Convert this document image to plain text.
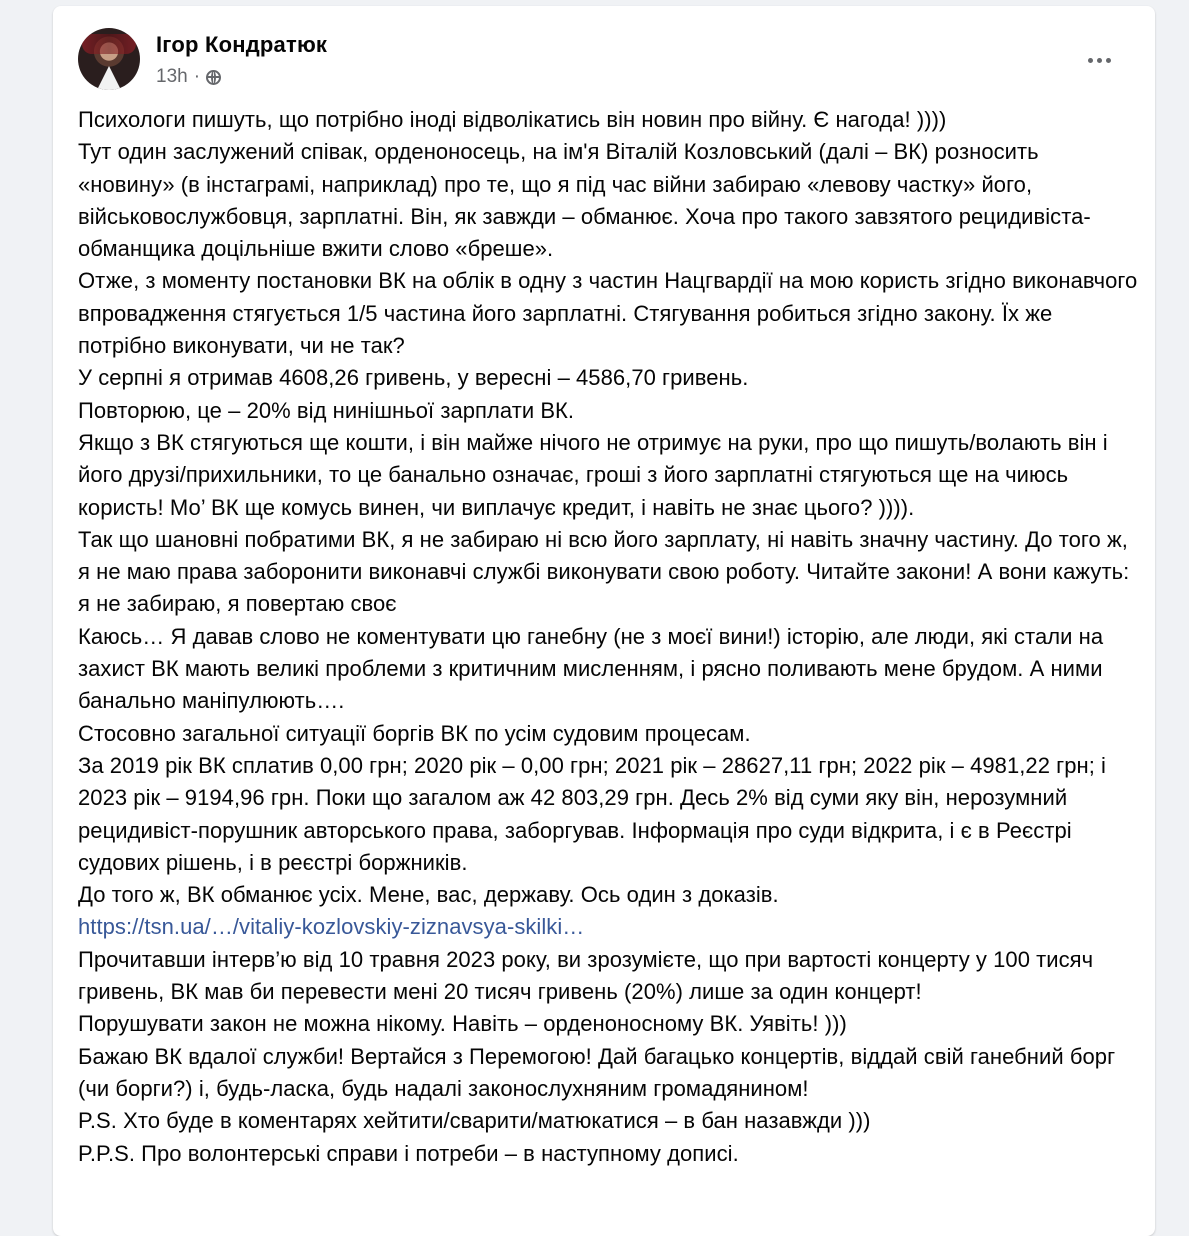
Ігор Кондратюк
13h ·

Психологи пишуть, що потрібно іноді відволікатись він новин про війну. Є нагода! ))))

Тут один заслужений співак, орденоносець, на ім'я Віталій Козловський (далі – ВК) розносить «новину» (в інстаграмі, наприклад) про те, що я під час війни забираю «левову частку» його, військовослужбовця, зарплатні. Він, як завжди – обманює. Хоча про такого завзятого рецидивіста-обманщика доцільніше вжити слово «бреше».

Отже, з моменту постановки ВК на облік в одну з частин Нацгвардії на мою користь згідно виконавчого впровадження стягується 1/5 частина його зарплатні. Стягування робиться згідно закону. Їх же потрібно виконувати, чи не так?

У серпні я отримав 4608,26 гривень, у вересні – 4586,70 гривень.

Повторюю, це – 20% від нинішньої зарплати ВК.

Якщо з ВК стягуються ще кошти, і він майже нічого не отримує на руки, про що пишуть/волають він і його друзі/прихильники, то це банально означає, гроші з його зарплатні стягуються ще на чиюсь користь! Мо’ ВК ще комусь винен, чи виплачує кредит, і навіть не знає цього? )))).

Так що шановні побратими ВК, я не забираю ні всю його зарплату, ні навіть значну частину. До того ж, я не маю права заборонити виконавчі службі виконувати свою роботу. Читайте закони! А вони кажуть: я не забираю, я повертаю своє

Каюсь… Я давав слово не коментувати цю ганебну (не з моєї вини!) історію, але люди, які стали на захист ВК мають великі проблеми з критичним мисленням, і рясно поливають мене брудом. А ними банально маніпулюють….

Стосовно загальної ситуації боргів ВК по усім судовим процесам.

За 2019 рік ВК сплатив 0,00 грн; 2020 рік – 0,00 грн; 2021 рік – 28627,11 грн; 2022 рік – 4981,22 грн; і 2023 рік – 9194,96 грн. Поки що загалом аж 42 803,29 грн. Десь 2% від суми яку він, нерозумний рецидивіст-порушник авторського права, заборгував. Інформація про суди відкрита, і є в Реєстрі судових рішень, і в реєстрі боржників.

До того ж, ВК обманює усіх. Мене, вас, державу. Ось один з доказів.

https://tsn.ua/…/vitaliy-kozlovskiy-ziznavsya-skilki…

Прочитавши інтерв’ю від 10 травня 2023 року, ви зрозумієте, що при вартості концерту у 100 тисяч гривень, ВК мав би перевести мені 20 тисяч гривень (20%) лише за один концерт!

Порушувати закон не можна нікому. Навіть – орденоносному ВК. Уявіть! )))

Бажаю ВК вдалої служби! Вертайся з Перемогою! Дай багацько концертів, віддай свій ганебний борг (чи борги?) і, будь-ласка, будь надалі законослухняним громадянином!

P.S. Хто буде в коментарях хейтити/сварити/матюкатися – в бан назавжди )))

P.P.S. Про волонтерські справи і потреби – в наступному дописі.
